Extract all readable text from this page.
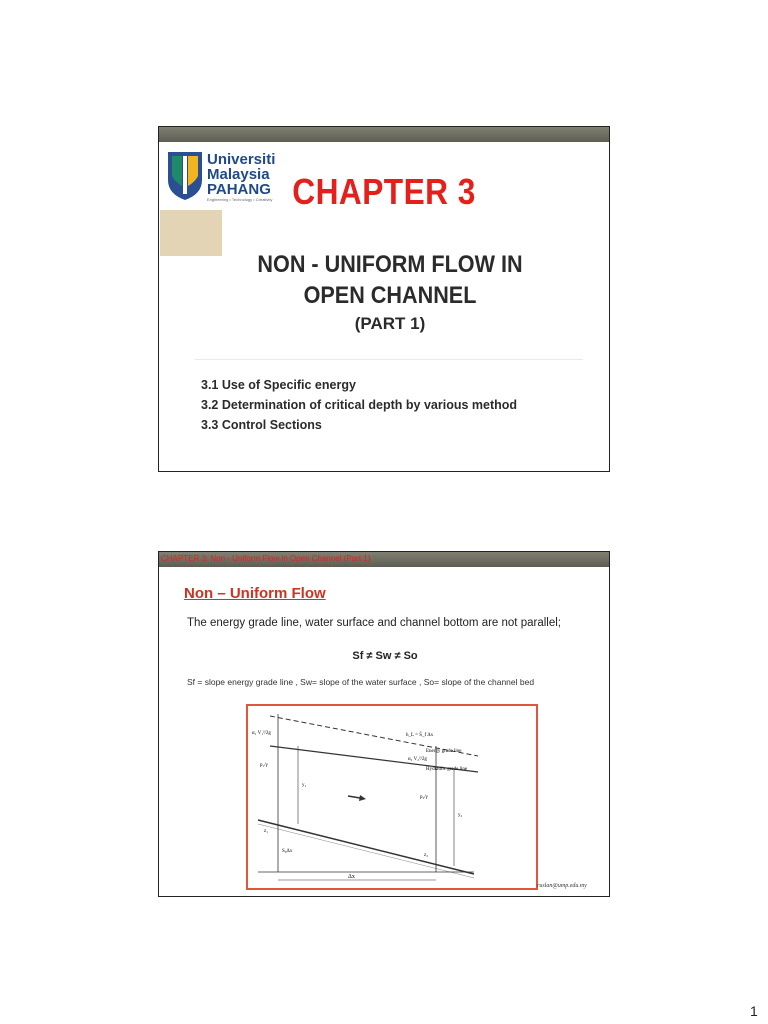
Universiti
Malaysia
PAHANG
Engineering • Technology • Creativity CHAPTER 3
NON - UNIFORM FLOW IN
OPEN CHANNEL
(PART 1)
3.1 Use of Specific energy
3.2 Determination of critical depth by various method
3.3 Control Sections
CHAPTER 3: Non - Uniform Flow in Open Channel (Part 1)
Non – Uniform Flow
The energy grade line, water surface and channel bottom are not parallel;
Sf ≠ Sw ≠ So
Sf = slope energy grade line , Sw= slope of the water surface , So= slope of the channel bed
Energy grade line
Hydraulic grade line
Δx
h_L = S̄_f Δx
α₁ V₁²/2g
α₂ V₂²/2g
p₁/γ
p₂/γ
y₁
y₂
z₁
z₂
S₀Δx
ruslan@ump.edu.my
1
